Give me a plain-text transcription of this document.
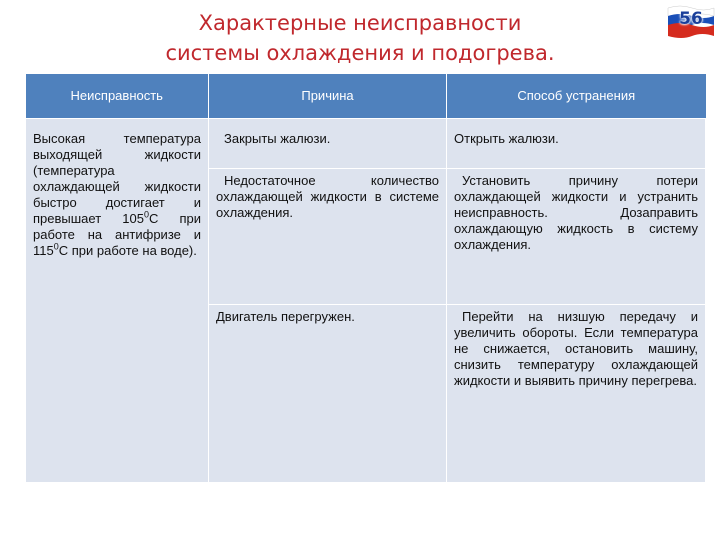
Характерные неисправности
системы охлаждения и подогрева.
56
Неисправность	Причина	Способ устранения
Высокая температура выходящей жидкости (температура охлаждающей жидкости быстро достигает и превышает $105^0С$ при работе на антифризе и $115^0С$ при работе на воде).	Закрыты жалюзи.	Открыть жалюзи.
	Недостаточное количество охлаждающей жидкости в системе охлаждения.	Установить причину потери охлаждающей жидкости и устранить неисправность. Дозаправить охлаждающую жидкость в систему охлаждения.
	Двигатель перегружен.	Перейти на низшую передачу и увеличить обороты. Если температура не снижается, остановить машину, снизить температуру охлаждающей жидкости и выявить причину перегрева.
